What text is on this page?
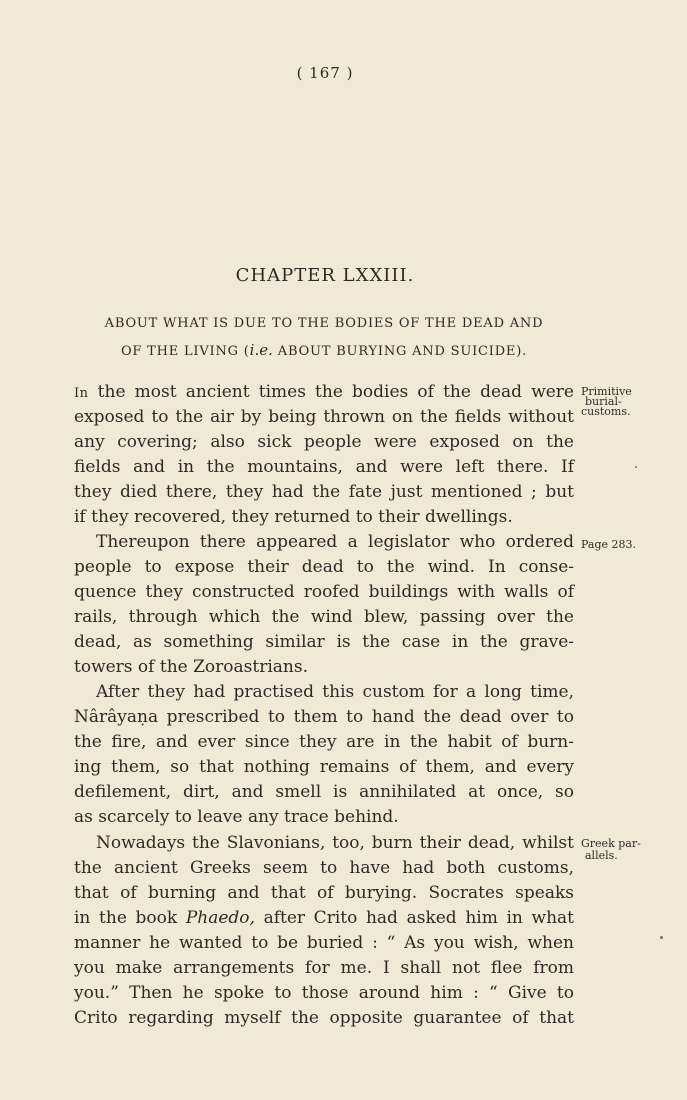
( 167 )
CHAPTER LXXIII.
ABOUT WHAT IS DUE TO THE BODIES OF THE DEAD AND
OF THE LIVING (i.e. ABOUT BURYING AND SUICIDE).
In the most ancient times the bodies of the dead were
exposed to the air by being thrown on the fields without
any covering; also sick people were exposed on the
fields and in the mountains, and were left there. If
they died there, they had the fate just mentioned ; but
if they recovered, they returned to their dwellings.
Thereupon there appeared a legislator who ordered
people to expose their dead to the wind. In conse-
quence they constructed roofed buildings with walls of
rails, through which the wind blew, passing over the
dead, as something similar is the case in the grave-
towers of the Zoroastrians.
After they had practised this custom for a long time,
Nârâyaṇa prescribed to them to hand the dead over to
the fire, and ever since they are in the habit of burn-
ing them, so that nothing remains of them, and every
defilement, dirt, and smell is annihilated at once, so
as scarcely to leave any trace behind.
Nowadays the Slavonians, too, burn their dead, whilst
the ancient Greeks seem to have had both customs,
that of burning and that of burying. Socrates speaks
in the book Phaedo, after Crito had asked him in what
manner he wanted to be buried : “ As you wish, when
you make arrangements for me. I shall not flee from
you.” Then he spoke to those around him : “ Give to
Crito regarding myself the opposite guarantee of that
Primitive
burial-
customs.
Page 283.
Greek par-
allels.
